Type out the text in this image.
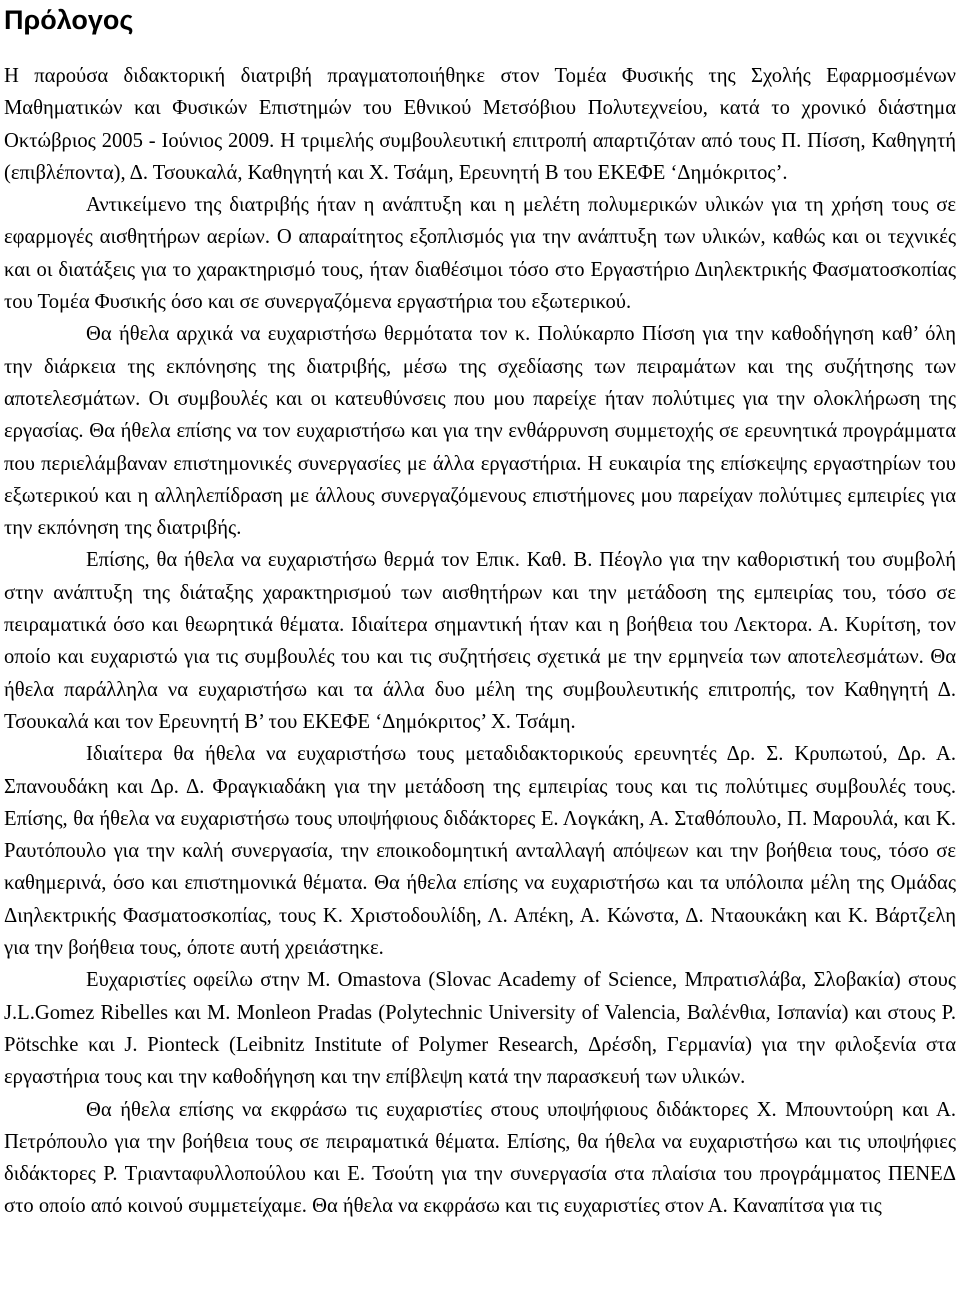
Πρόλογος

Η παρούσα διδακτορική διατριβή πραγματοποιήθηκε στον Τομέα Φυσικής της Σχολής Εφαρμοσμένων Μαθηματικών και Φυσικών Επιστημών του Εθνικού Μετσόβιου Πολυτεχνείου, κατά το χρονικό διάστημα Οκτώβριος 2005 - Ιούνιος 2009. Η τριμελής συμβουλευτική επιτροπή απαρτιζόταν από τους Π. Πίσση, Καθηγητή (επιβλέποντα), Δ. Τσουκαλά, Καθηγητή και Χ. Τσάμη, Ερευνητή Β του ΕΚΕΦΕ ‘Δημόκριτος’.

Αντικείμενο της διατριβής ήταν η ανάπτυξη και η μελέτη πολυμερικών υλικών για τη χρήση τους σε εφαρμογές αισθητήρων αερίων. Ο απαραίτητος εξοπλισμός για την ανάπτυξη των υλικών, καθώς και οι τεχνικές και οι διατάξεις για το χαρακτηρισμό τους, ήταν διαθέσιμοι τόσο στο Εργαστήριο Διηλεκτρικής Φασματοσκοπίας του Τομέα Φυσικής όσο και σε συνεργαζόμενα εργαστήρια του εξωτερικού.

Θα ήθελα αρχικά να ευχαριστήσω θερμότατα τον κ. Πολύκαρπο Πίσση για την καθοδήγηση καθ’ όλη την διάρκεια της εκπόνησης της διατριβής, μέσω της σχεδίασης των πειραμάτων και της συζήτησης των αποτελεσμάτων. Οι συμβουλές και οι κατευθύνσεις που μου παρείχε ήταν πολύτιμες για την ολοκλήρωση της εργασίας. Θα ήθελα επίσης να τον ευχαριστήσω και για την ενθάρρυνση συμμετοχής σε ερευνητικά προγράμματα που περιελάμβαναν επιστημονικές συνεργασίες με άλλα εργαστήρια. Η ευκαιρία της επίσκεψης εργαστηρίων του εξωτερικού και η αλληλεπίδραση με άλλους συνεργαζόμενους επιστήμονες μου παρείχαν πολύτιμες εμπειρίες για την εκπόνηση της διατριβής.

Επίσης, θα ήθελα να ευχαριστήσω θερμά τον Επικ. Καθ. Β. Πέογλο για την καθοριστική του συμβολή στην ανάπτυξη της διάταξης χαρακτηρισμού των αισθητήρων και την μετάδοση της εμπειρίας του, τόσο σε πειραματικά όσο και θεωρητικά θέματα. Ιδιαίτερα σημαντική ήταν και η βοήθεια του Λεκτορα. Α. Κυρίτση, τον οποίο και ευχαριστώ για τις συμβουλές του και τις συζητήσεις σχετικά με την ερμηνεία των αποτελεσμάτων. Θα ήθελα παράλληλα να ευχαριστήσω και τα άλλα δυο μέλη της συμβουλευτικής επιτροπής, τον Καθηγητή Δ. Τσουκαλά και τον Ερευνητή Β’ του ΕΚΕΦΕ ‘Δημόκριτος’ Χ. Τσάμη.

Ιδιαίτερα θα ήθελα να ευχαριστήσω τους μεταδιδακτορικούς ερευνητές Δρ. Σ. Κρυπωτού, Δρ. Α. Σπανουδάκη και Δρ. Δ. Φραγκιαδάκη για την μετάδοση της εμπειρίας τους και τις πολύτιμες συμβουλές τους. Επίσης, θα ήθελα να ευχαριστήσω τους υποψήφιους διδάκτορες Ε. Λογκάκη, Α. Σταθόπουλο, Π. Μαρουλά, και Κ. Ραυτόπουλο για την καλή συνεργασία, την εποικοδομητική ανταλλαγή απόψεων και την βοήθεια τους, τόσο σε καθημερινά, όσο και επιστημονικά θέματα. Θα ήθελα επίσης να ευχαριστήσω και τα υπόλοιπα μέλη της Ομάδας Διηλεκτρικής Φασματοσκοπίας, τους Κ. Χριστοδουλίδη, Λ. Απέκη, Α. Κώνστα, Δ. Νταουκάκη και Κ. Βάρτζελη για την βοήθεια τους, όποτε αυτή χρειάστηκε.

Ευχαριστίες οφείλω στην Μ. Omastova (Slovac Academy of Science, Μπρατισλάβα, Σλοβακία) στους J.L.Gomez Ribelles και Μ. Monleon Pradas (Polytechnic University of Valencia, Βαλένθια, Ισπανία) και στους P. Pötschke και J. Pionteck (Leibnitz Institute of Polymer Research, Δρέσδη, Γερμανία) για την φιλοξενία στα εργαστήρια τους και την καθοδήγηση και την επίβλεψη κατά την παρασκευή των υλικών.

Θα ήθελα επίσης να εκφράσω τις ευχαριστίες στους υποψήφιους διδάκτορες Χ. Μπουντούρη και Α. Πετρόπουλο για την βοήθεια τους σε πειραματικά θέματα. Επίσης, θα ήθελα να ευχαριστήσω και τις υποψήφιες διδάκτορες Ρ. Τριανταφυλλοπούλου και Ε. Τσούτη για την συνεργασία στα πλαίσια του προγράμματος ΠΕΝΕΔ στο οποίο από κοινού συμμετείχαμε. Θα ήθελα να εκφράσω και τις ευχαριστίες στον Α. Καναπίτσα για τις
